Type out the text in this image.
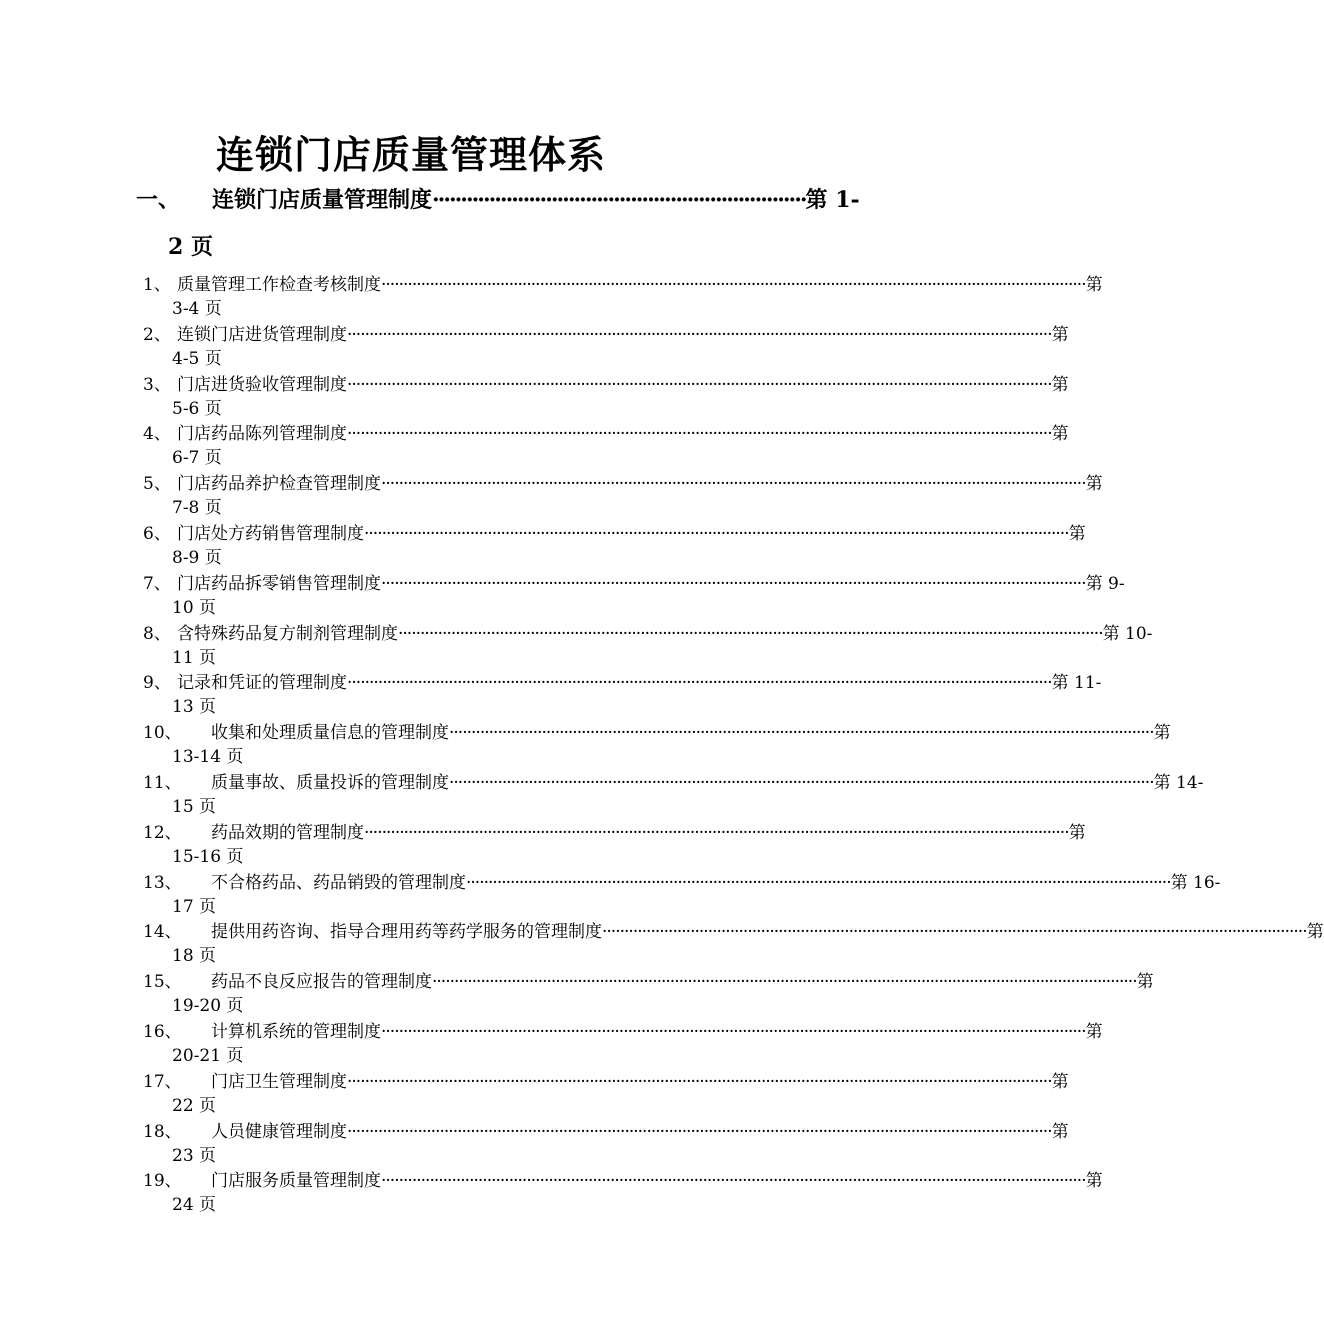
连锁门店质量管理体系
一、	连锁门店质量管理制度 ·································································· 第 1-
2 页
1、 质量管理工作检查考核制度 ································································································································································ 第
3-4 页
2、 连锁门店进货管理制度 ································································································································································ 第
4-5 页
3、 门店进货验收管理制度 ································································································································································ 第
5-6 页
4、 门店药品陈列管理制度 ································································································································································ 第
6-7 页
5、 门店药品养护检查管理制度 ································································································································································ 第
7-8 页
6、 门店处方药销售管理制度 ································································································································································ 第
8-9 页
7、 门店药品拆零销售管理制度 ································································································································································ 第 9-
10 页
8、 含特殊药品复方制剂管理制度 ································································································································································ 第 10-
11 页
9、 记录和凭证的管理制度 ································································································································································ 第 11-
13 页
10、	收集和处理质量信息的管理制度 ································································································································································ 第
13-14 页
11、	质量事故、质量投诉的管理制度 ································································································································································ 第 14-
15 页
12、	药品效期的管理制度 ································································································································································ 第
15-16 页
13、	不合格药品、药品销毁的管理制度 ································································································································································ 第 16-
17 页
14、	提供用药咨询、指导合理用药等药学服务的管理制度 ································································································································································ 第
18 页
15、	药品不良反应报告的管理制度 ································································································································································ 第
19-20 页
16、	计算机系统的管理制度 ································································································································································ 第
20-21 页
17、	门店卫生管理制度 ································································································································································ 第
22 页
18、	人员健康管理制度 ································································································································································ 第
23 页
19、	门店服务质量管理制度 ································································································································································ 第
24 页
